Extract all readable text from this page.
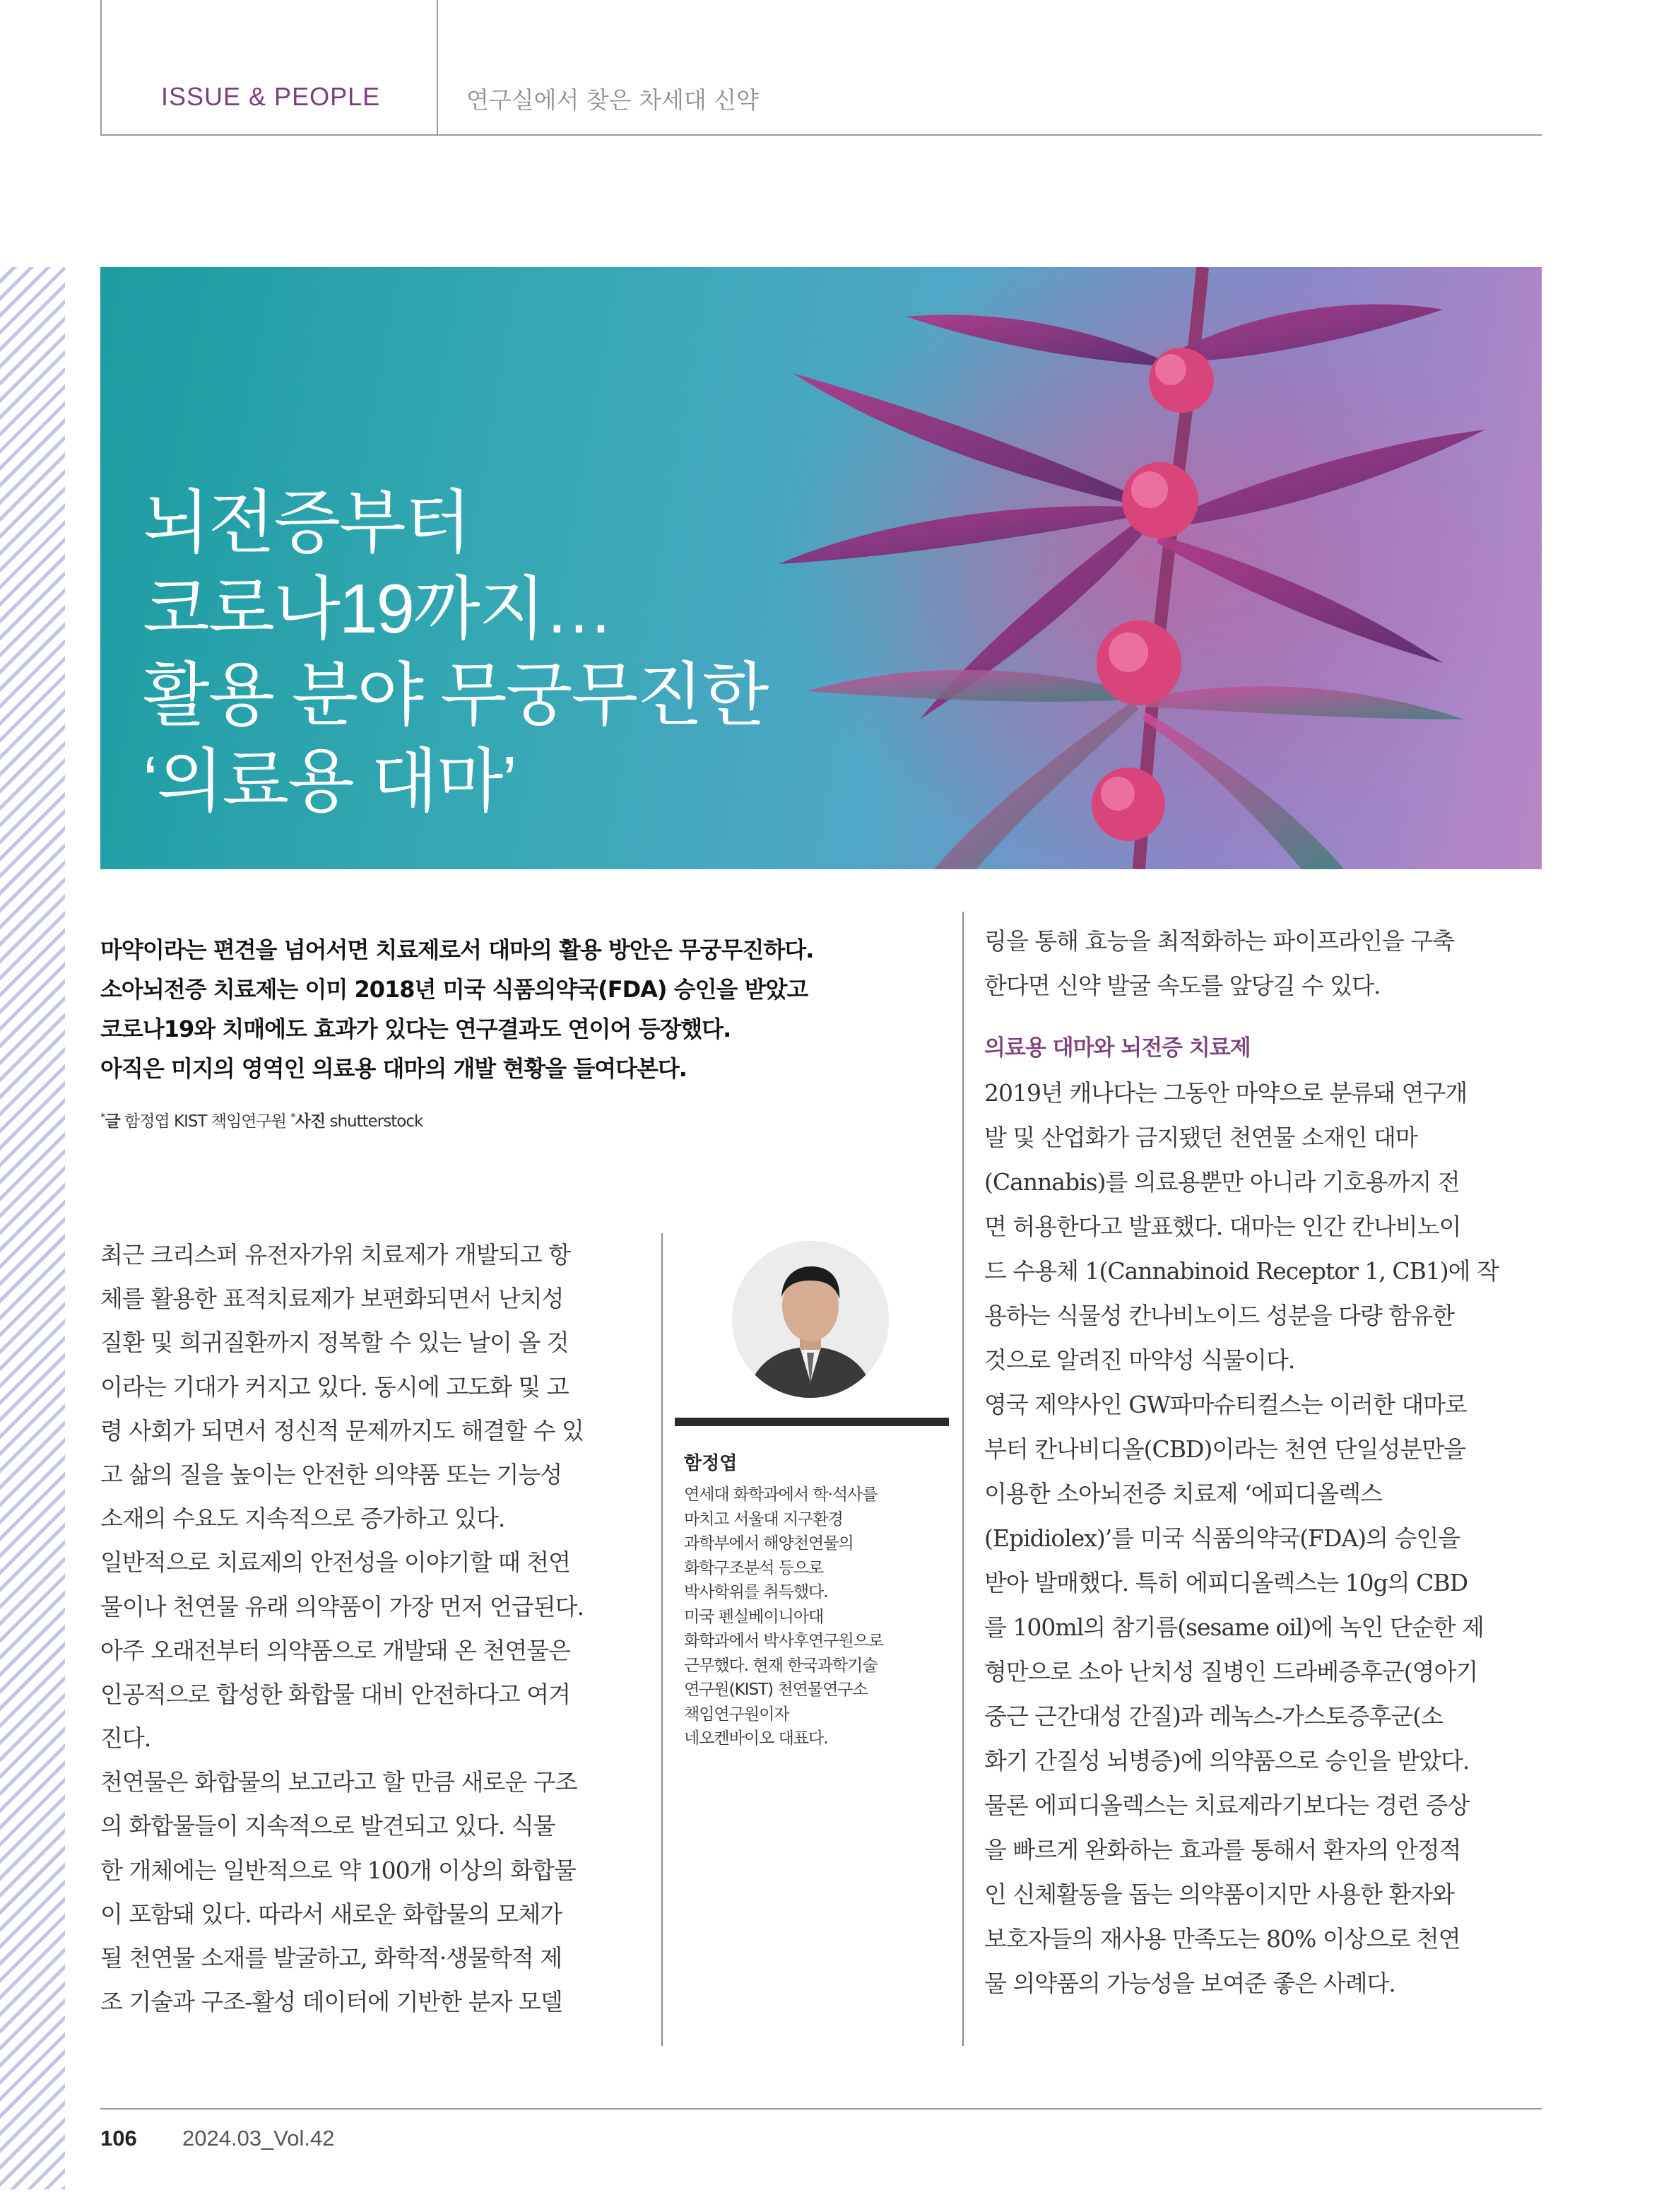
ISSUE & PEOPLE	연구실에서 찾은 차세대 신약
뇌전증부터
코로나19까지…
활용 분야 무궁무진한
‘의료용 대마’
마약이라는 편견을 넘어서면 치료제로서 대마의 활용 방안은 무궁무진하다.
소아뇌전증 치료제는 이미 2018년 미국 식품의약국(FDA) 승인을 받았고
코로나19와 치매에도 효과가 있다는 연구결과도 연이어 등장했다.
아직은 미지의 영역인 의료용 대마의 개발 현황을 들여다본다.
*글 함정엽 KIST 책임연구원 *사진 shutterstock
최근 크리스퍼 유전자가위 치료제가 개발되고 항
체를 활용한 표적치료제가 보편화되면서 난치성
질환 및 희귀질환까지 정복할 수 있는 날이 올 것
이라는 기대가 커지고 있다. 동시에 고도화 및 고
령 사회가 되면서 정신적 문제까지도 해결할 수 있
고 삶의 질을 높이는 안전한 의약품 또는 기능성
소재의 수요도 지속적으로 증가하고 있다.
일반적으로 치료제의 안전성을 이야기할 때 천연
물이나 천연물 유래 의약품이 가장 먼저 언급된다.
아주 오래전부터 의약품으로 개발돼 온 천연물은
인공적으로 합성한 화합물 대비 안전하다고 여겨
진다.
천연물은 화합물의 보고라고 할 만큼 새로운 구조
의 화합물들이 지속적으로 발견되고 있다. 식물
한 개체에는 일반적으로 약 100개 이상의 화합물
이 포함돼 있다. 따라서 새로운 화합물의 모체가
될 천연물 소재를 발굴하고, 화학적·생물학적 제
조 기술과 구조-활성 데이터에 기반한 분자 모델
함정엽
연세대 화학과에서 학·석사를
마치고 서울대 지구환경
과학부에서 해양천연물의
화학구조분석 등으로
박사학위를 취득했다.
미국 펜실베이니아대
화학과에서 박사후연구원으로
근무했다. 현재 한국과학기술
연구원(KIST) 천연물연구소
책임연구원이자
네오켄바이오 대표다.
링을 통해 효능을 최적화하는 파이프라인을 구축
한다면 신약 발굴 속도를 앞당길 수 있다.
의료용 대마와 뇌전증 치료제
2019년 캐나다는 그동안 마약으로 분류돼 연구개
발 및 산업화가 금지됐던 천연물 소재인 대마
(Cannabis)를 의료용뿐만 아니라 기호용까지 전
면 허용한다고 발표했다. 대마는 인간 칸나비노이
드 수용체 1(Cannabinoid Receptor 1, CB1)에 작
용하는 식물성 칸나비노이드 성분을 다량 함유한
것으로 알려진 마약성 식물이다.
영국 제약사인 GW파마슈티컬스는 이러한 대마로
부터 칸나비디올(CBD)이라는 천연 단일성분만을
이용한 소아뇌전증 치료제 ‘에피디올렉스
(Epidiolex)’를 미국 식품의약국(FDA)의 승인을
받아 발매했다. 특히 에피디올렉스는 10g의 CBD
를 100ml의 참기름(sesame oil)에 녹인 단순한 제
형만으로 소아 난치성 질병인 드라베증후군(영아기
중근 근간대성 간질)과 레녹스-가스토증후군(소
화기 간질성 뇌병증)에 의약품으로 승인을 받았다.
물론 에피디올렉스는 치료제라기보다는 경련 증상
을 빠르게 완화하는 효과를 통해서 환자의 안정적
인 신체활동을 돕는 의약품이지만 사용한 환자와
보호자들의 재사용 만족도는 80% 이상으로 천연
물 의약품의 가능성을 보여준 좋은 사례다.
106 2024.03_Vol.42
